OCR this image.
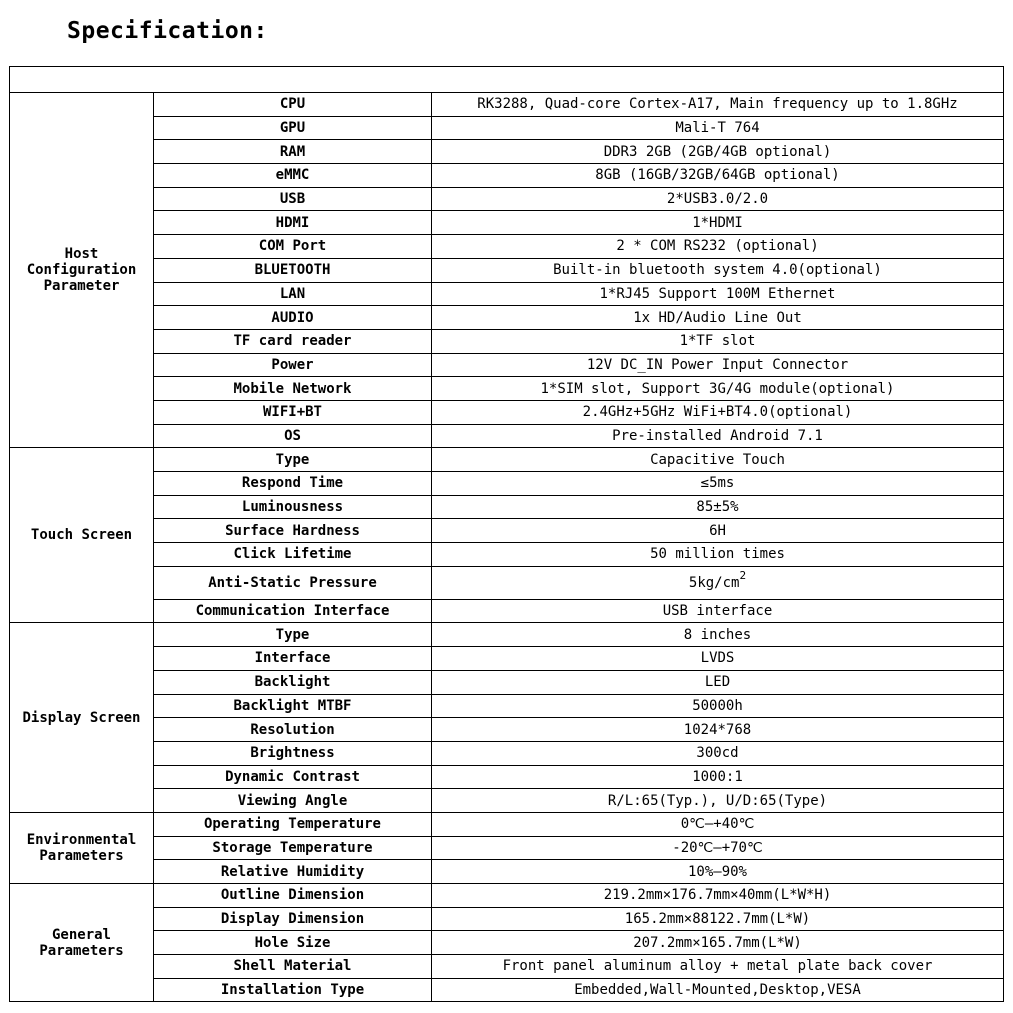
Specification:

Host Configuration Parameter	CPU	RK3288, Quad-core Cortex-A17, Main frequency up to 1.8GHz
	GPU	Mali-T 764
	RAM	DDR3 2GB (2GB/4GB optional)
	eMMC	8GB (16GB/32GB/64GB optional)
	USB	2*USB3.0/2.0
	HDMI	1*HDMI
	COM Port	2 * COM RS232 (optional)
	BLUETOOTH	Built-in bluetooth system 4.0(optional)
	LAN	1*RJ45 Support 100M Ethernet
	AUDIO	1x HD/Audio Line Out
	TF card reader	1*TF slot
	Power	12V DC_IN Power Input Connector
	Mobile Network	1*SIM slot, Support 3G/4G module(optional)
	WIFI+BT	2.4GHz+5GHz WiFi+BT4.0(optional)
	OS	Pre-installed Android 7.1
Touch Screen	Type	Capacitive Touch
	Respond Time	≤5ms
	Luminousness	85±5%
	Surface Hardness	6H
	Click Lifetime	50 million times
	Anti-Static Pressure	$5kg/cm^2$
	Communication Interface	USB interface
Display Screen	Type	8 inches
	Interface	LVDS
	Backlight	LED
	Backlight MTBF	50000h
	Resolution	1024*768
	Brightness	300cd
	Dynamic Contrast	1000:1
	Viewing Angle	R/L:65(Typ.), U/D:65(Type)
Environmental Parameters	Operating Temperature	0℃—+40℃
	Storage Temperature	-20℃—+70℃
	Relative Humidity	10%—90%
General Parameters	Outline Dimension	219.2mm×176.7mm×40mm(L*W*H)
	Display Dimension	165.2mm×88122.7mm(L*W)
	Hole Size	207.2mm×165.7mm(L*W)
	Shell Material	Front panel aluminum alloy + metal plate back cover
	Installation Type	Embedded,Wall-Mounted,Desktop,VESA
